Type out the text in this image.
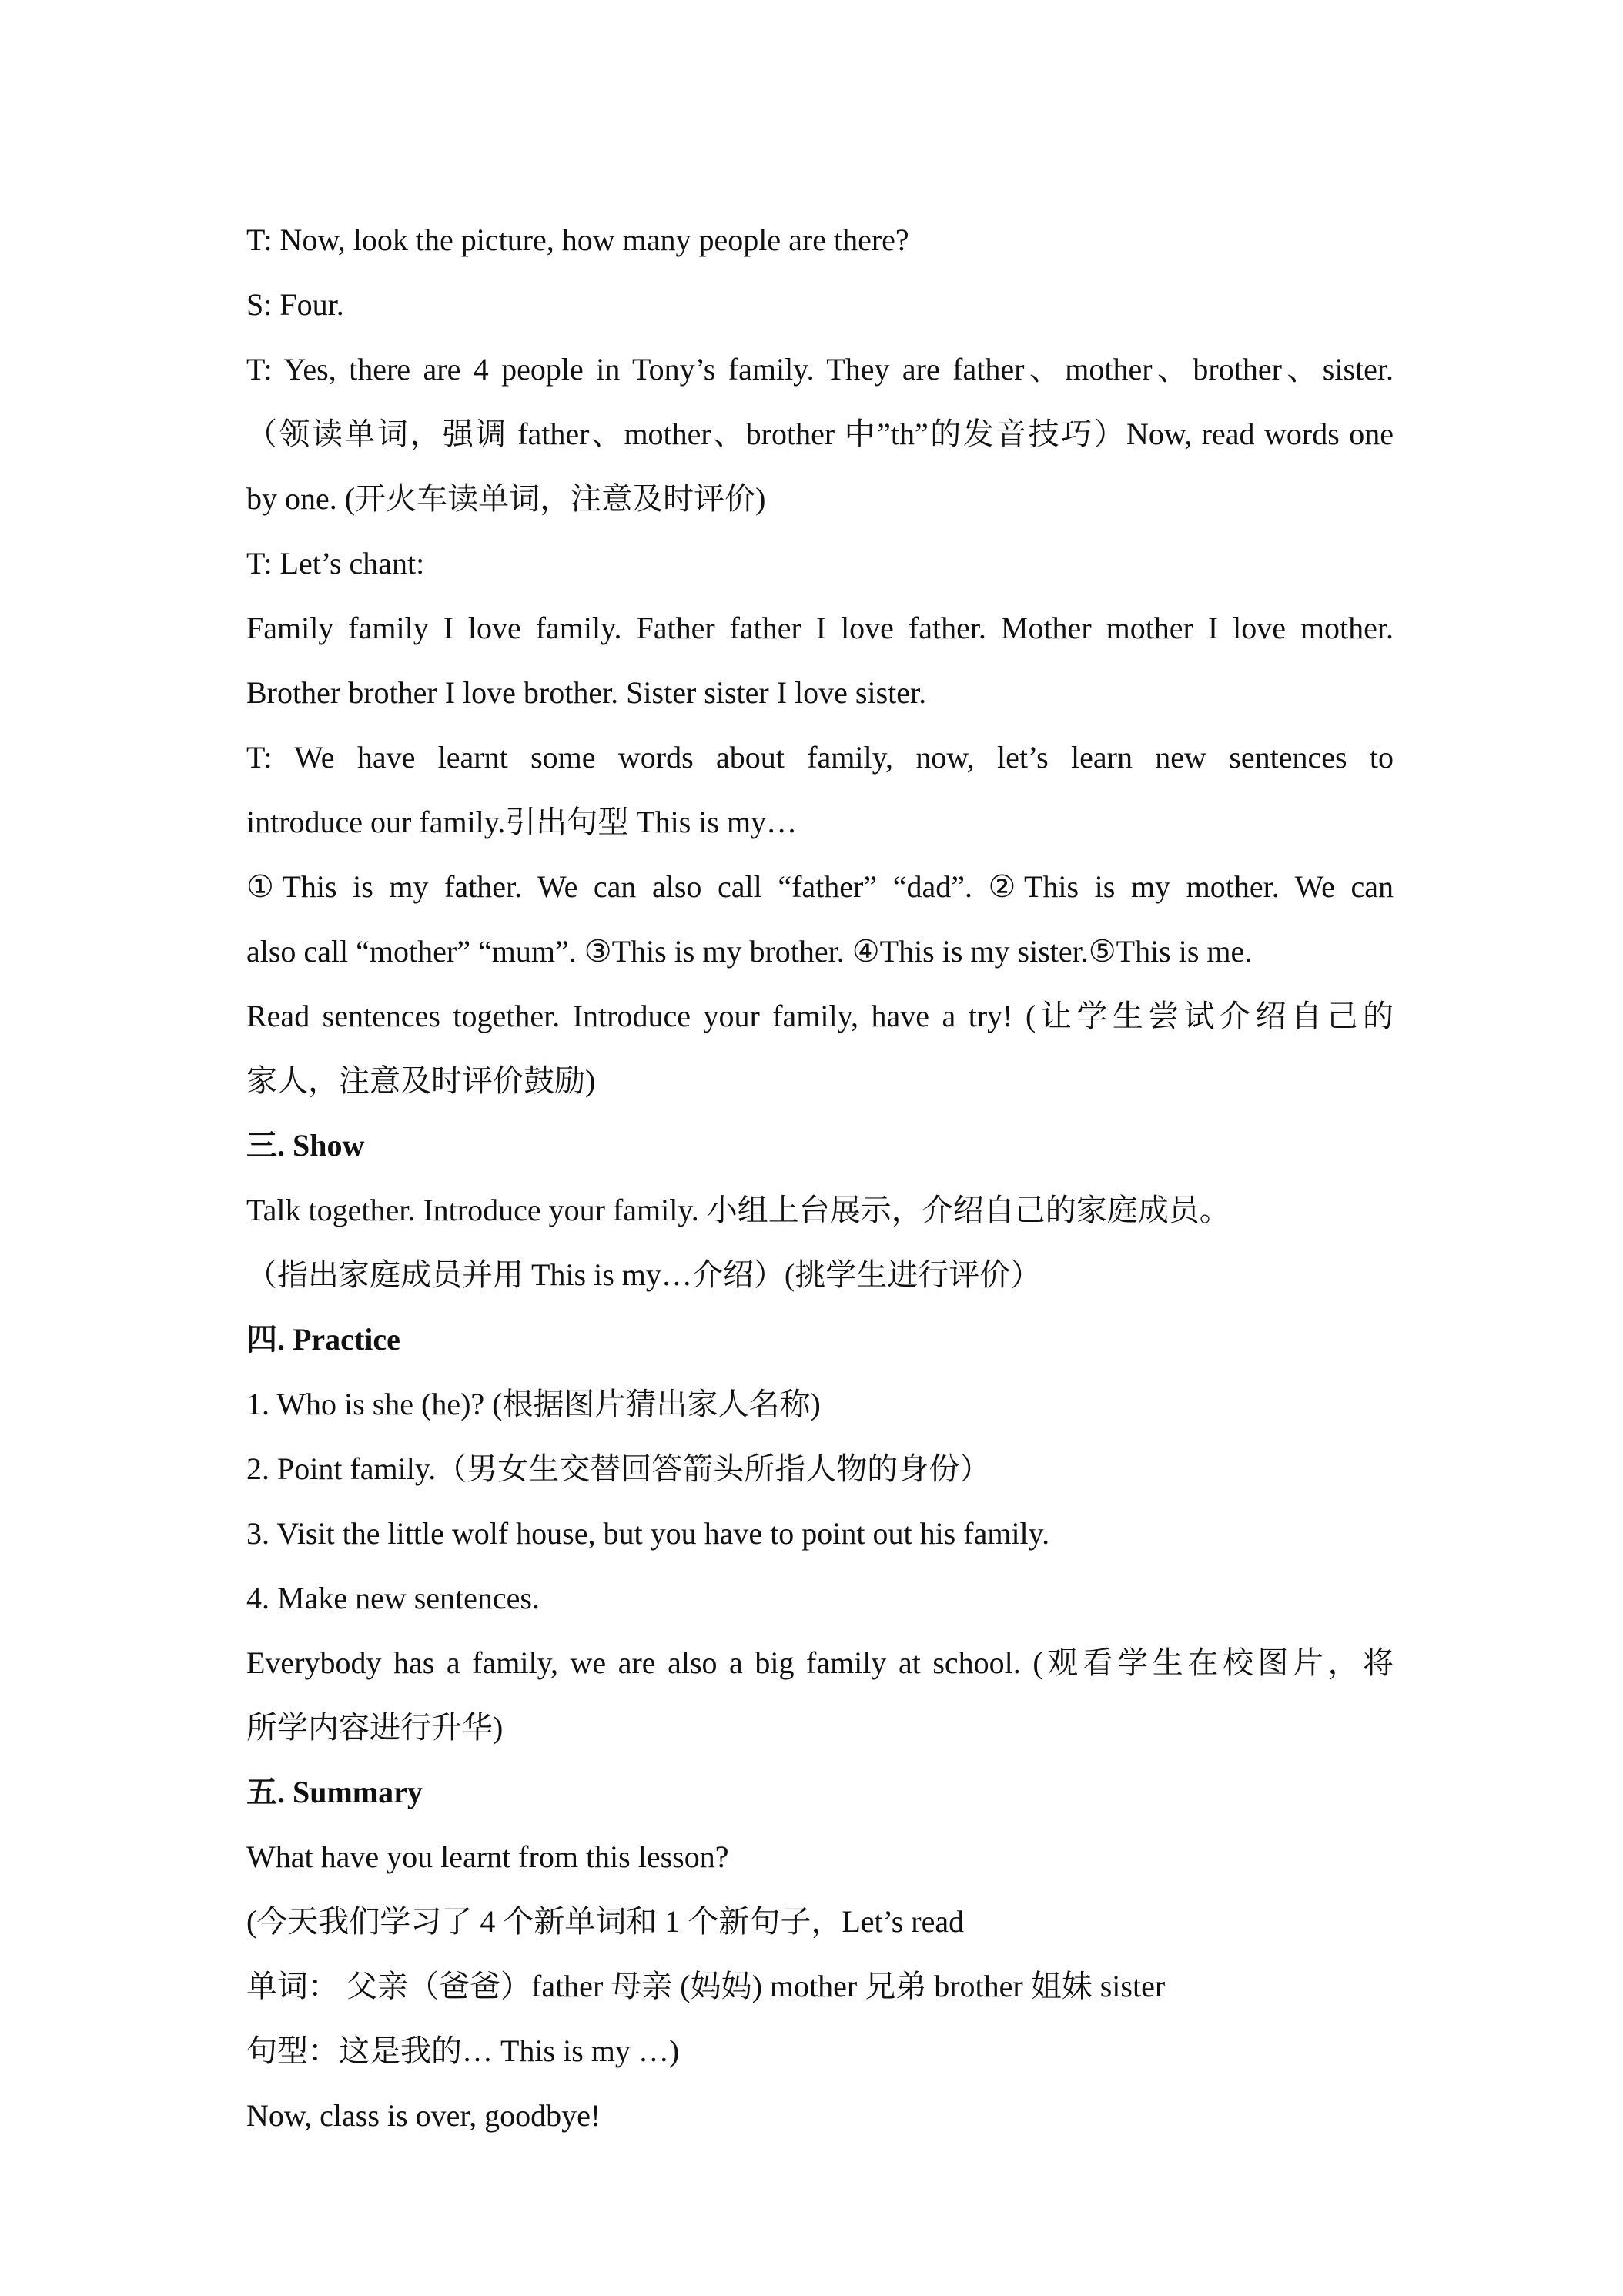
T: Now, look the picture, how many people are there?
S: Four.
T: Yes, there are 4 people in Tony’s family. They are father、mother、brother、sister.
（领读单词，强调 father、mother、brother 中”th”的发音技巧）Now, read words one
by one. (开火车读单词，注意及时评价)
T: Let’s chant:
Family family I love family. Father father I love father. Mother mother I love mother.
Brother brother I love brother. Sister sister I love sister.
T: We have learnt some words about family, now, let’s learn new sentences to
introduce our family.引出句型 This is my…
①This is my father. We can also call “father” “dad”. ②This is my mother. We can
also call “mother” “mum”. ③This is my brother. ④This is my sister.⑤This is me.
Read sentences together. Introduce your family, have a try! (让学生尝试介绍自己的
家人，注意及时评价鼓励)
三. Show
Talk together. Introduce your family. 小组上台展示，介绍自己的家庭成员。
（指出家庭成员并用 This is my…介绍）(挑学生进行评价）
四. Practice
1. Who is she (he)? (根据图片猜出家人名称)
2. Point family.（男女生交替回答箭头所指人物的身份）
3. Visit the little wolf house, but you have to point out his family.
4. Make new sentences.
Everybody has a family, we are also a big family at school. (观看学生在校图片，将
所学内容进行升华)
五. Summary
What have you learnt from this lesson?
(今天我们学习了 4 个新单词和 1 个新句子，Let’s read
单词： 父亲（爸爸）father 母亲 (妈妈) mother 兄弟 brother 姐妹 sister
句型：这是我的… This is my …)
Now, class is over, goodbye!
